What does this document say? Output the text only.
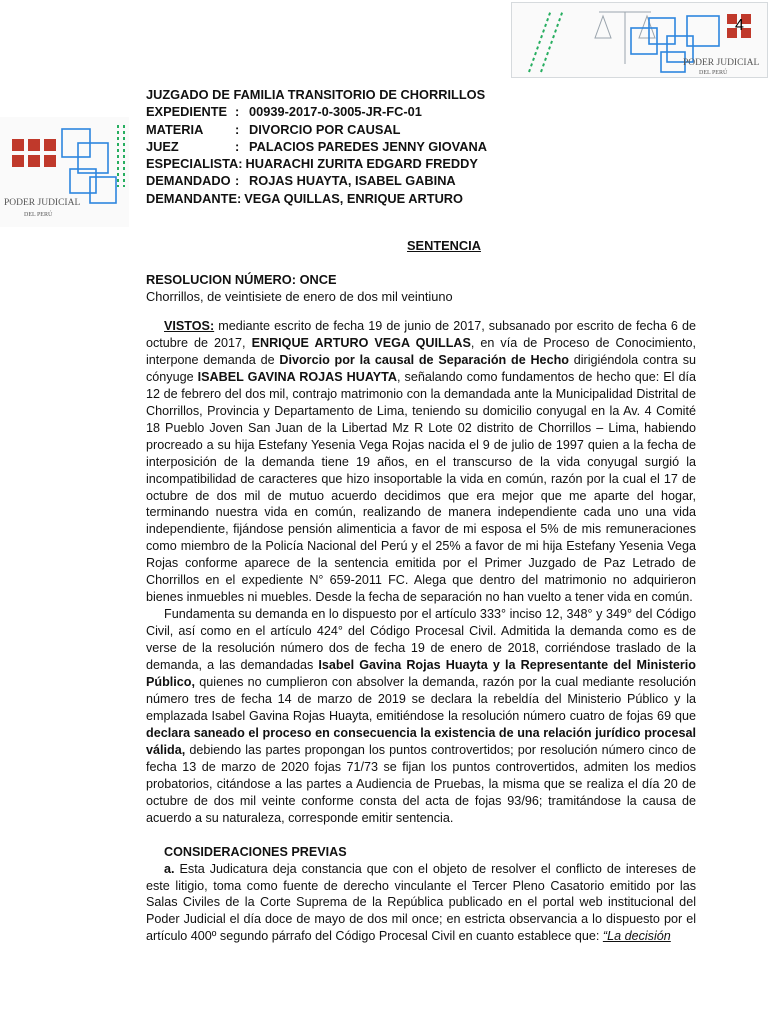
PODER JUDICIAL
DEL PERÚ
4
PODER JUDICIAL
DEL PERÚ
JUZGADO DE FAMILIA TRANSITORIO DE CHORRILLOS
EXPEDIENTE : 00939-2017-0-3005-JR-FC-01
MATERIA	: DIVORCIO POR CAUSAL
JUEZ	: PALACIOS PAREDES JENNY GIOVANA
ESPECIALISTA : HUARACHI ZURITA EDGARD FREDDY
DEMANDADO : ROJAS HUAYTA, ISABEL GABINA
DEMANDANTE : VEGA QUILLAS, ENRIQUE ARTURO
SENTENCIA
RESOLUCION NÚMERO: ONCE
Chorrillos, de veintisiete de enero de dos mil veintiuno

VISTOS: mediante escrito de fecha 19 de junio de 2017, subsanado por escrito de fecha 6 de octubre de 2017, ENRIQUE ARTURO VEGA QUILLAS, en vía de Proceso de Conocimiento, interpone demanda de Divorcio por la causal de Separación de Hecho dirigiéndola contra su cónyuge ISABEL GAVINA ROJAS HUAYTA, señalando como fundamentos de hecho que: El día 12 de febrero del dos mil, contrajo matrimonio con la demandada ante la Municipalidad Distrital de Chorrillos, Provincia y Departamento de Lima, teniendo su domicilio conyugal en la Av. 4 Comité 18 Pueblo Joven San Juan de la Libertad Mz R Lote 02 distrito de Chorrillos – Lima, habiendo procreado a su hija Estefany Yesenia Vega Rojas nacida el 9 de julio de 1997 quien a la fecha de interposición de la demanda tiene 19 años, en el transcurso de la vida conyugal surgió la incompatibilidad de caracteres que hizo insoportable la vida en común, razón por la cual el 17 de octubre de dos mil de mutuo acuerdo decidimos que era mejor que me aparte del hogar, terminando nuestra vida en común, realizando de manera independiente cada uno una vida independiente, fijándose pensión alimenticia a favor de mi esposa el 5% de mis remuneraciones como miembro de la Policía Nacional del Perú y el 25% a favor de mi hija Estefany Yesenia Vega Rojas conforme aparece de la sentencia emitida por el Primer Juzgado de Paz Letrado de Chorrillos en el expediente N° 659-2011 FC. Alega que dentro del matrimonio no adquirieron bienes inmuebles ni muebles. Desde la fecha de separación no han vuelto a tener vida en común.

Fundamenta su demanda en lo dispuesto por el artículo 333° inciso 12, 348° y 349° del Código Civil, así como en el artículo 424° del Código Procesal Civil. Admitida la demanda como es de verse de la resolución número dos de fecha 19 de enero de 2018, corriéndose traslado de la demanda, a las demandadas Isabel Gavina Rojas Huayta y la Representante del Ministerio Público, quienes no cumplieron con absolver la demanda, razón por la cual mediante resolución número tres de fecha 14 de marzo de 2019 se declara la rebeldía del Ministerio Público y la emplazada Isabel Gavina Rojas Huayta, emitiéndose la resolución número cuatro de fojas 69 que declara saneado el proceso en consecuencia la existencia de una relación jurídico procesal válida, debiendo las partes propongan los puntos controvertidos; por resolución número cinco de fecha 13 de marzo de 2020 fojas 71/73 se fijan los puntos controvertidos, admiten los medios probatorios, citándose a las partes a Audiencia de Pruebas, la misma que se realiza el día 20 de octubre de dos mil veinte conforme consta del acta de fojas 93/96; tramitándose la causa de acuerdo a su naturaleza, corresponde emitir sentencia.

CONSIDERACIONES PREVIAS

a. Esta Judicatura deja constancia que con el objeto de resolver el conflicto de intereses de este litigio, toma como fuente de derecho vinculante el Tercer Pleno Casatorio emitido por las Salas Civiles de la Corte Suprema de la República publicado en el portal web institucional del Poder Judicial el día doce de mayo de dos mil once; en estricta observancia a lo dispuesto por el artículo 400º segundo párrafo del Código Procesal Civil en cuanto establece que: “La decisión
